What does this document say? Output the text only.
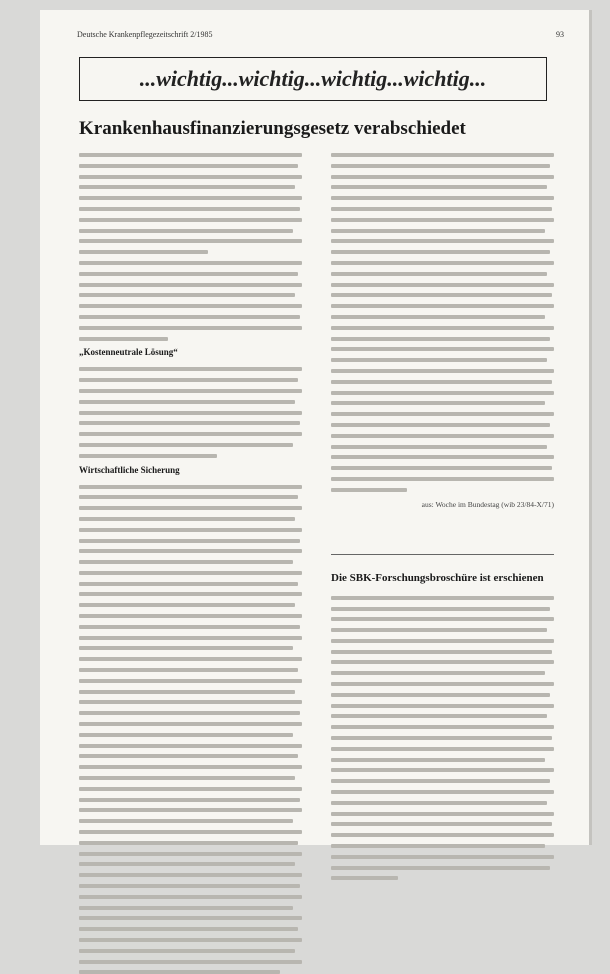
Deutsche Krankenpflegezeitschrift 2/1985	93
...wichtig...wichtig...wichtig...wichtig...
Krankenhausfinanzierungsgesetz verabschiedet
„Kostenneutrale Lösung“
Wirtschaftliche Sicherung
aus: Woche im Bundestag (wib 23/84-X/71)
Die SBK-Forschungsbroschüre ist erschienen
